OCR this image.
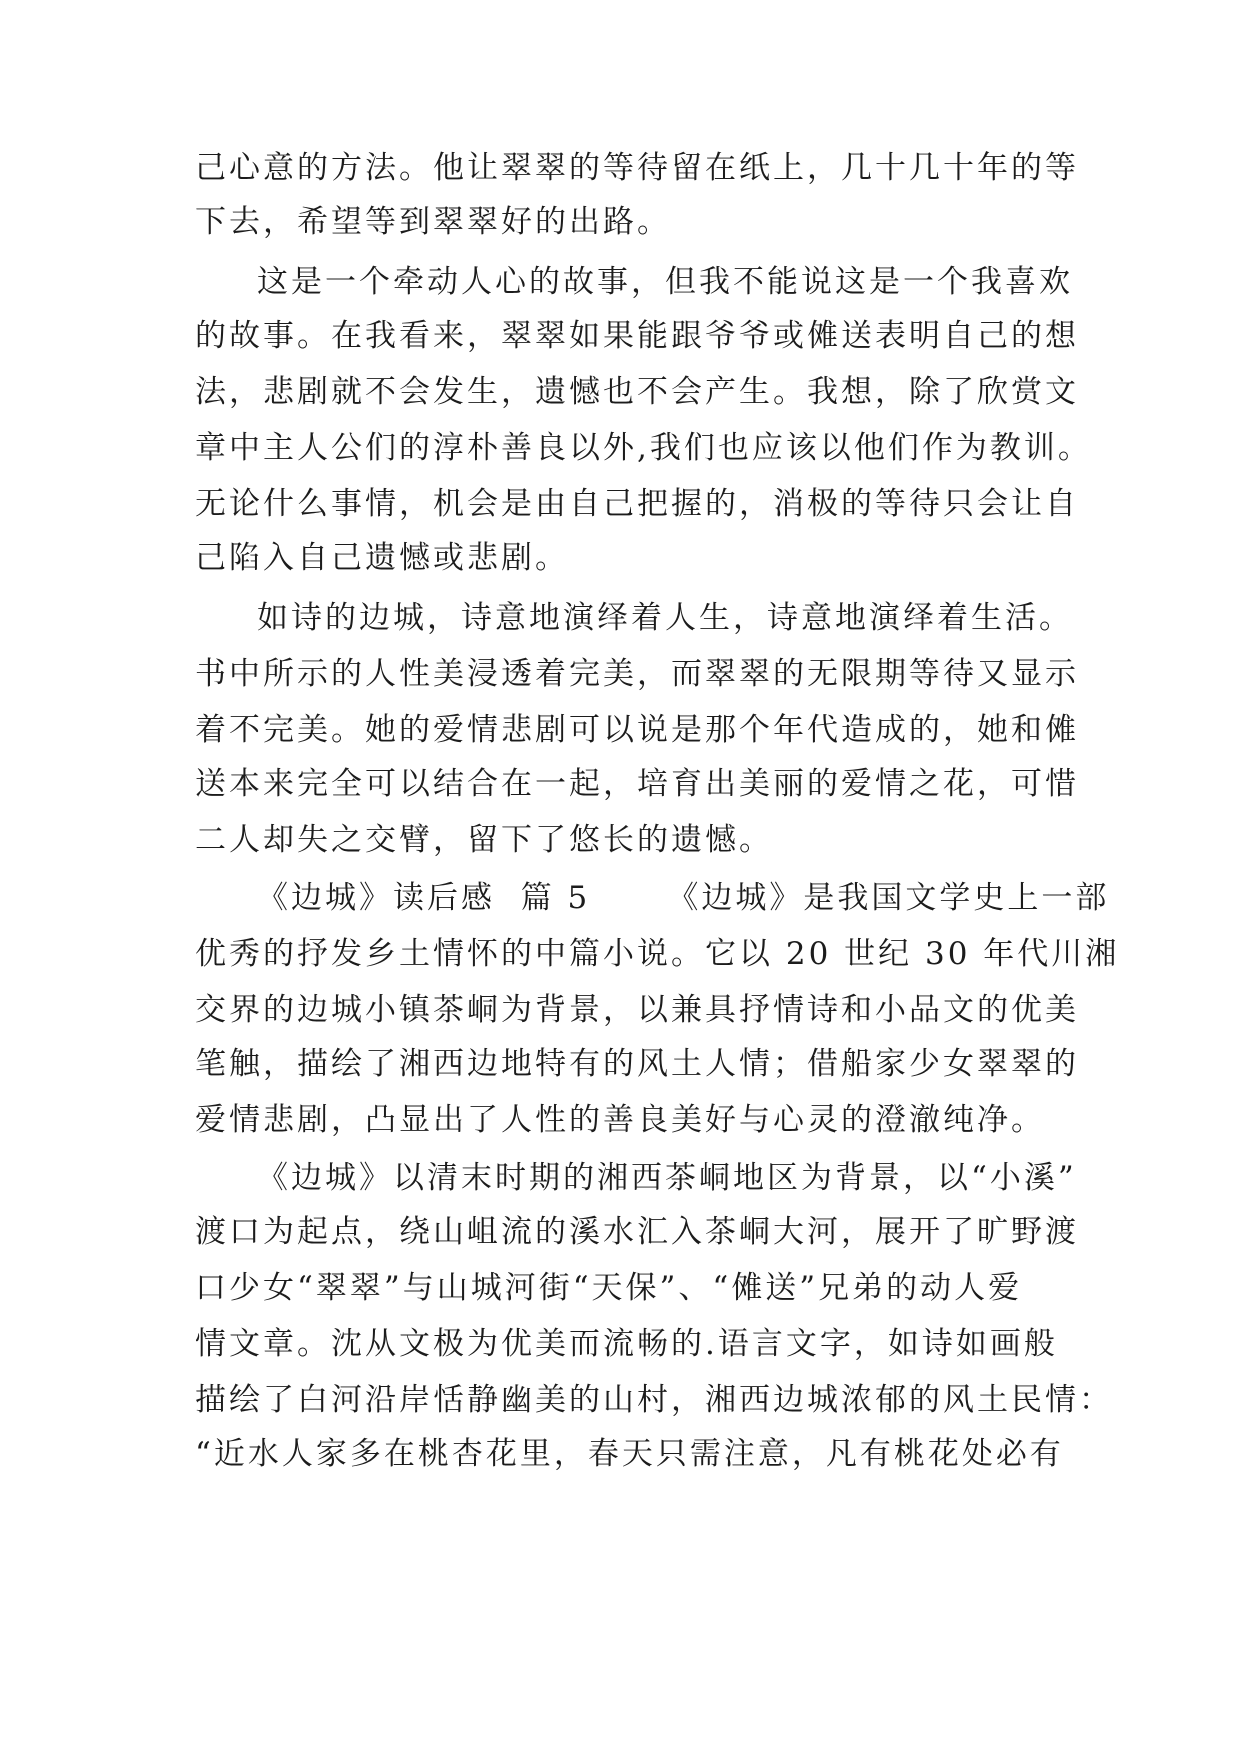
己心意的方法。他让翠翠的等待留在纸上，几十几十年的等
下去，希望等到翠翠好的出路。
这是一个牵动人心的故事，但我不能说这是一个我喜欢
的故事。在我看来，翠翠如果能跟爷爷或傩送表明自己的想
法，悲剧就不会发生，遗憾也不会产生。我想，除了欣赏文
章中主人公们的淳朴善良以外,我们也应该以他们作为教训。
无论什么事情，机会是由自己把握的，消极的等待只会让自
己陷入自己遗憾或悲剧。
如诗的边城，诗意地演绎着人生，诗意地演绎着生活。
书中所示的人性美浸透着完美，而翠翠的无限期等待又显示
着不完美。她的爱情悲剧可以说是那个年代造成的，她和傩
送本来完全可以结合在一起，培育出美丽的爱情之花，可惜
二人却失之交臂，留下了悠长的遗憾。
《边城》读后感  篇 5      《边城》是我国文学史上一部
优秀的抒发乡土情怀的中篇小说。它以 20 世纪 30 年代川湘
交界的边城小镇茶峒为背景，以兼具抒情诗和小品文的优美
笔触，描绘了湘西边地特有的风土人情；借船家少女翠翠的
爱情悲剧，凸显出了人性的善良美好与心灵的澄澈纯净。
《边城》以清末时期的湘西茶峒地区为背景，以“小溪”
渡口为起点，绕山岨流的溪水汇入茶峒大河，展开了旷野渡
口少女“翠翠”与山城河街“天保”、“傩送”兄弟的动人爱
情文章。沈从文极为优美而流畅的.语言文字，如诗如画般
描绘了白河沿岸恬静幽美的山村，湘西边城浓郁的风土民情：
“近水人家多在桃杏花里，春天只需注意，凡有桃花处必有
